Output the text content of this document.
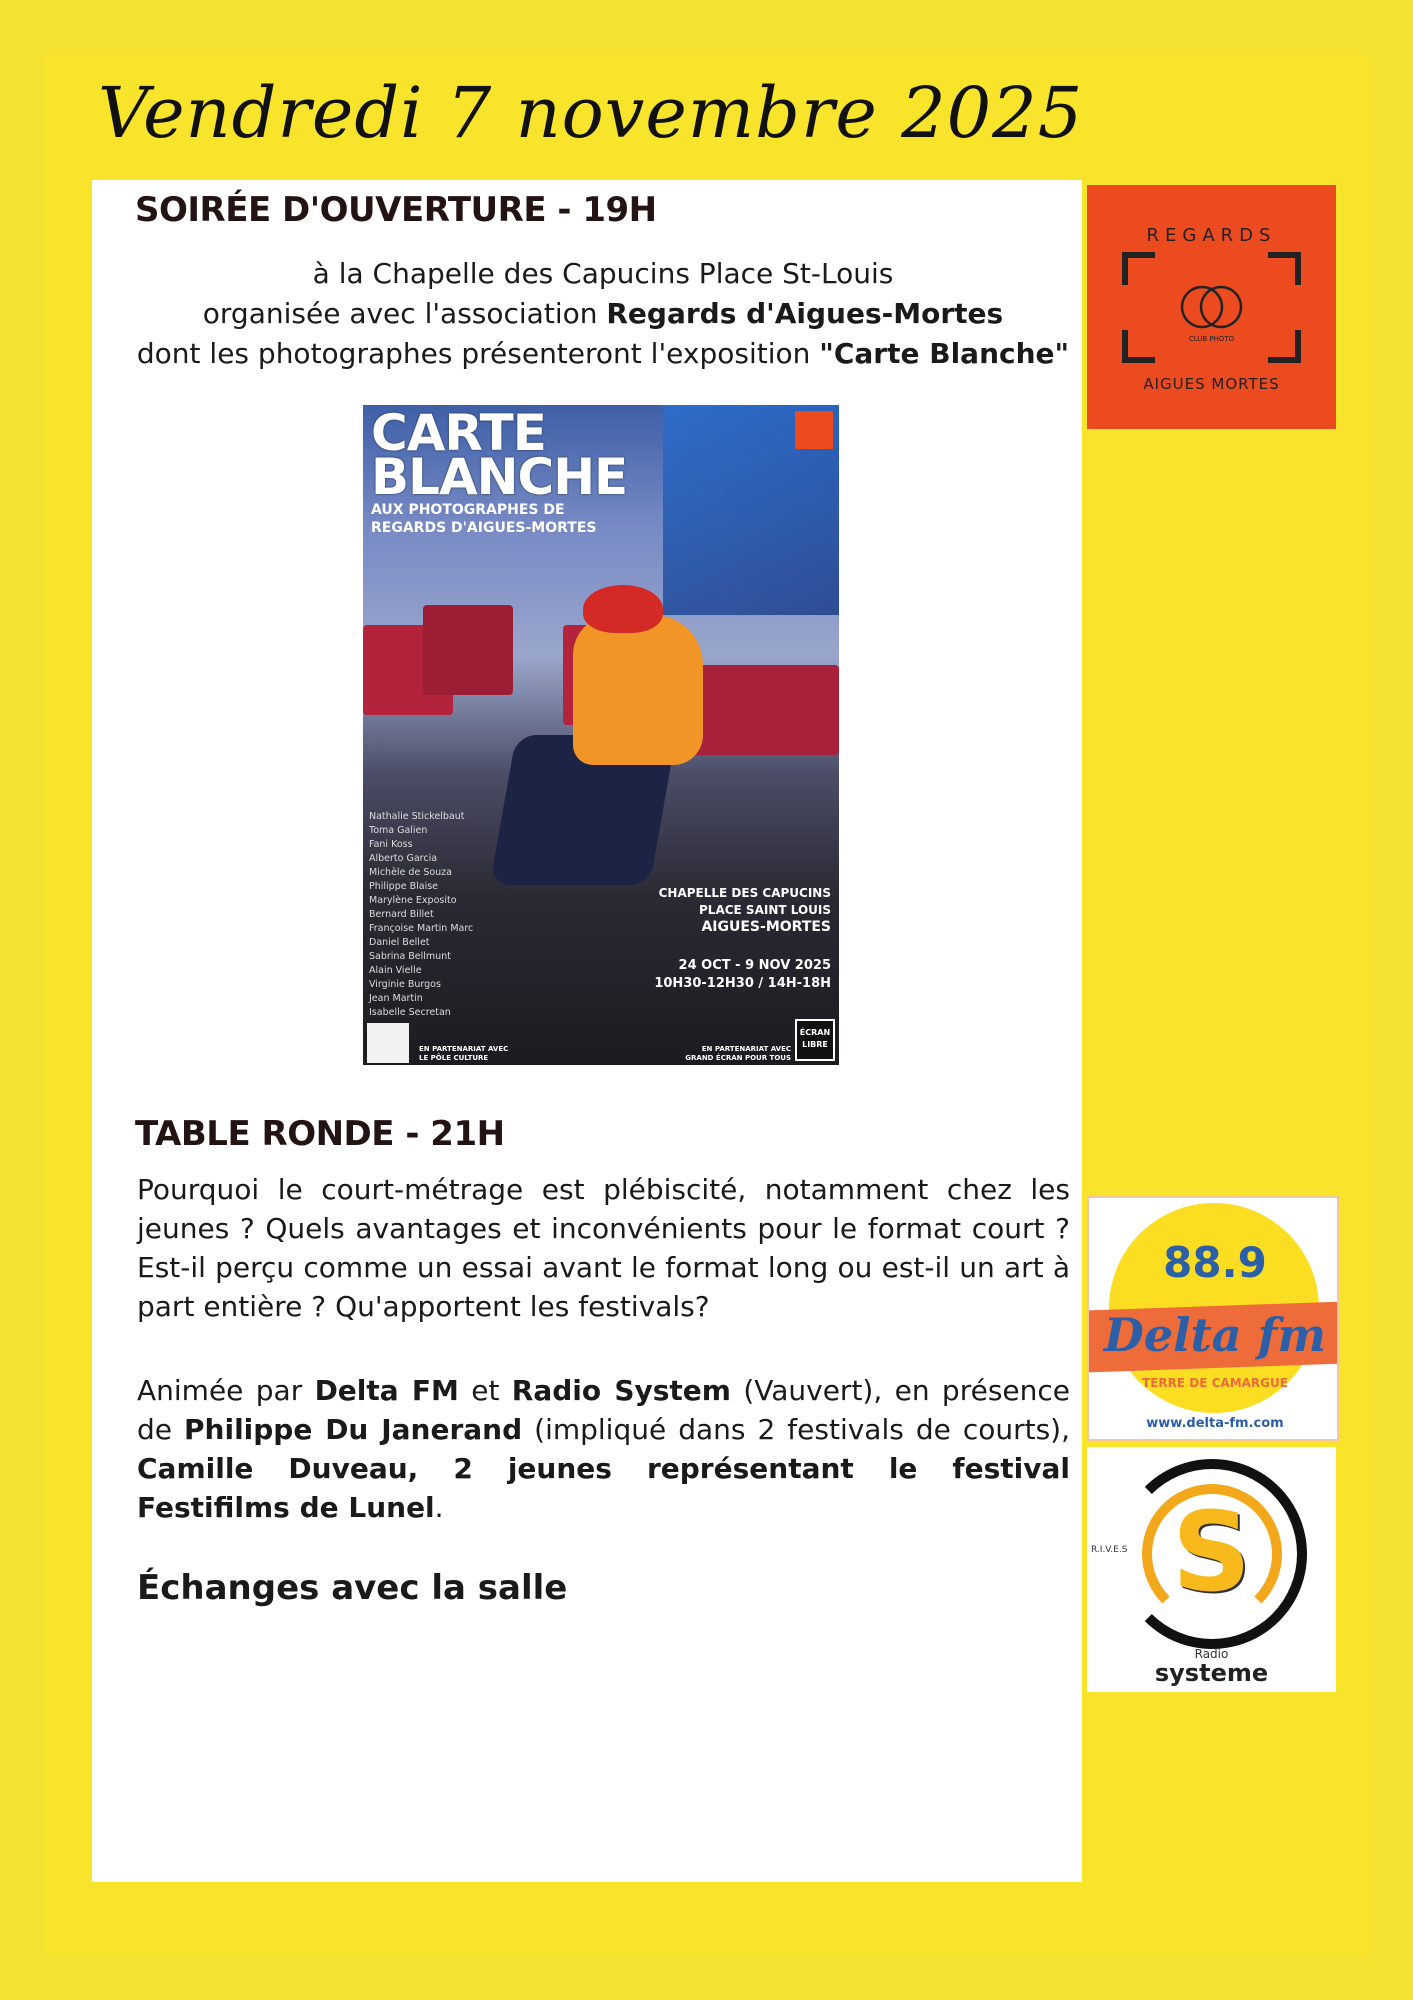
Vendredi 7 novembre 2025
SOIRÉE D'OUVERTURE - 19H
à la Chapelle des Capucins Place St-Louis
organisée avec l'association Regards d'Aigues-Mortes
dont les photographes présenteront l'exposition "Carte Blanche"
CARTE
BLANCHE
AUX PHOTOGRAPHES DE
REGARDS D'AIGUES-MORTES
Nathalie Stickelbaut
Toma Galien
Fani Koss
Alberto Garcia
Michèle de Souza
Philippe Blaise
Marylène Exposito
Bernard Billet
Françoise Martin Marc
Daniel Bellet
Sabrina Bellmunt
Alain Vielle
Virginie Burgos
Jean Martin
Isabelle Secretan
CHAPELLE DES CAPUCINS
PLACE SAINT LOUIS
AIGUES-MORTES
24 OCT - 9 NOV 2025
10H30-12H30 / 14H-18H
EN PARTENARIAT AVEC
LE PÔLE CULTURE
EN PARTENARIAT AVEC
GRAND ÉCRAN POUR TOUS
ÉCRAN LIBRE
TABLE RONDE - 21H
Pourquoi le court-métrage est plébiscité, notamment chez les jeunes ? Quels avantages et inconvénients pour le format court ? Est-il perçu comme un essai avant le format long ou est-il un art à part entière ? Qu'apportent les festivals?
Animée par Delta FM et Radio System (Vauvert), en présence de Philippe Du Janerand (impliqué dans 2 festivals de courts), Camille Duveau, 2 jeunes représentant le festival Festifilms de Lunel.
Échanges avec la salle
REGARDS
CLUB PHOTO
AIGUES MORTES
88.9
Delta fm
TERRE DE CAMARGUE
www.delta-fm.com
S
R.I.V.E.S
Radio
systeme
